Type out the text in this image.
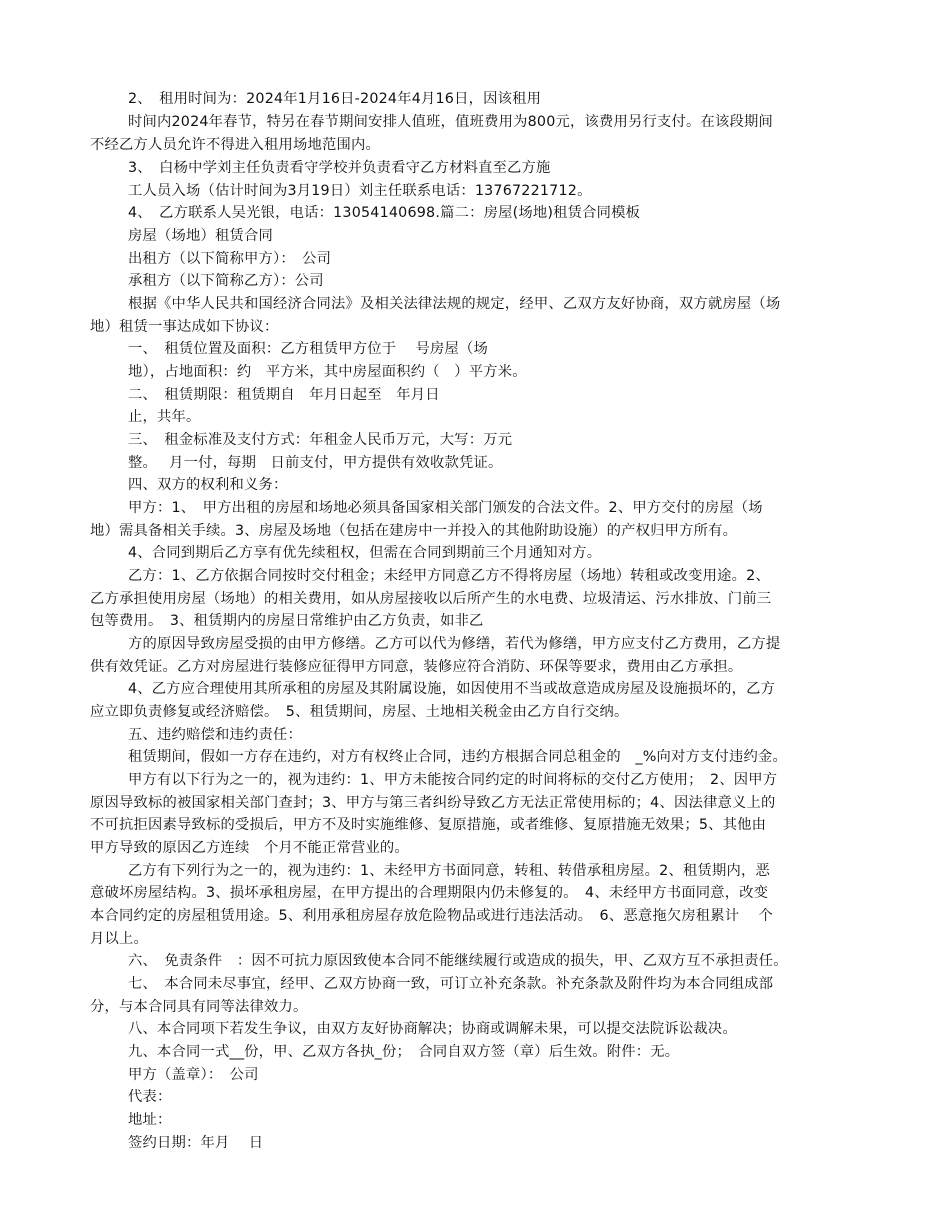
2、　租用时间为：2024年1月16日-2024年4月16日，因该租用
时间内2024年春节，特另在春节期间安排人值班，值班费用为800元，该费用另行支付。在该段期间
不经乙方人员允许不得进入租用场地范围内。
3、　白杨中学刘主任负责看守学校并负责看守乙方材料直至乙方施
工人员入场（估计时间为3月19日）刘主任联系电话：13767221712。
4、　乙方联系人吴光银，电话：13054140698.篇二：房屋(场地)租赁合同模板
房屋（场地）租赁合同
出租方（以下简称甲方）：　公司
承租方（以下简称乙方）：公司
根据《中华人民共和国经济合同法》及相关法律法规的规定，经甲、乙双方友好协商，双方就房屋（场
地）租赁一事达成如下协议：
一、　租赁位置及面积：乙方租赁甲方位于　 号房屋（场
地），占地面积：约　平方米，其中房屋面积约（　）平方米。
二、　租赁期限：租赁期自　年月日起至　年月日
止，共年。
三、　租金标准及支付方式：年租金人民币万元，大写：万元
整。　 月一付，每期　日前支付，甲方提供有效收款凭证。
四、双方的权利和义务：
甲方：1、　甲方出租的房屋和场地必须具备国家相关部门颁发的合法文件。2、甲方交付的房屋（场
地）需具备相关手续。3、房屋及场地（包括在建房中一并投入的其他附助设施）的产权归甲方所有。
4、合同到期后乙方享有优先续租权，但需在合同到期前三个月通知对方。
乙方：1、乙方依据合同按时交付租金；未经甲方同意乙方不得将房屋（场地）转租或改变用途。2、
乙方承担使用房屋（场地）的相关费用，如从房屋接收以后所产生的水电费、垃圾清运、污水排放、门前三
包等费用。　3、租赁期内的房屋日常维护由乙方负责，如非乙
方的原因导致房屋受损的由甲方修缮。乙方可以代为修缮，若代为修缮，甲方应支付乙方费用，乙方提
供有效凭证。乙方对房屋进行装修应征得甲方同意，装修应符合消防、环保等要求，费用由乙方承担。
4、乙方应合理使用其所承租的房屋及其附属设施，如因使用不当或故意造成房屋及设施损坏的，乙方
应立即负责修复或经济赔偿。　5、租赁期间，房屋、土地相关税金由乙方自行交纳。
五、违约赔偿和违约责任：
租赁期间，假如一方存在违约，对方有权终止合同，违约方根据合同总租金的　_%向对方支付违约金。
甲方有以下行为之一的，视为违约：1、甲方未能按合同约定的时间将标的交付乙方使用；　2、因甲方
原因导致标的被国家相关部门查封；3、甲方与第三者纠纷导致乙方无法正常使用标的；4、因法律意义上的
不可抗拒因素导致标的受损后，甲方不及时实施维修、复原措施，或者维修、复原措施无效果；5、其他由
甲方导致的原因乙方连续　个月不能正常营业的。
乙方有下列行为之一的，视为违约：1、未经甲方书面同意，转租、转借承租房屋。2、租赁期内，恶
意破坏房屋结构。3、损坏承租房屋，在甲方提出的合理期限内仍未修复的。　4、未经甲方书面同意，改变
本合同约定的房屋租赁用途。5、利用承租房屋存放危险物品或进行违法活动。　6、恶意拖欠房租累计　 个
月以上。
六、　免责条件　：因不可抗力原因致使本合同不能继续履行或造成的损失，甲、乙双方互不承担责任。
七、　本合同未尽事宜，经甲、乙双方协商一致，可订立补充条款。补充条款及附件均为本合同组成部
分，与本合同具有同等法律效力。
八、本合同项下若发生争议，由双方友好协商解决；协商或调解未果，可以提交法院诉讼裁决。
九、本合同一式__份，甲、乙双方各执_份；　合同自双方签（章）后生效。附件：无。
甲方（盖章）：　公司
代表：
地址：
签约日期：年月　 日
